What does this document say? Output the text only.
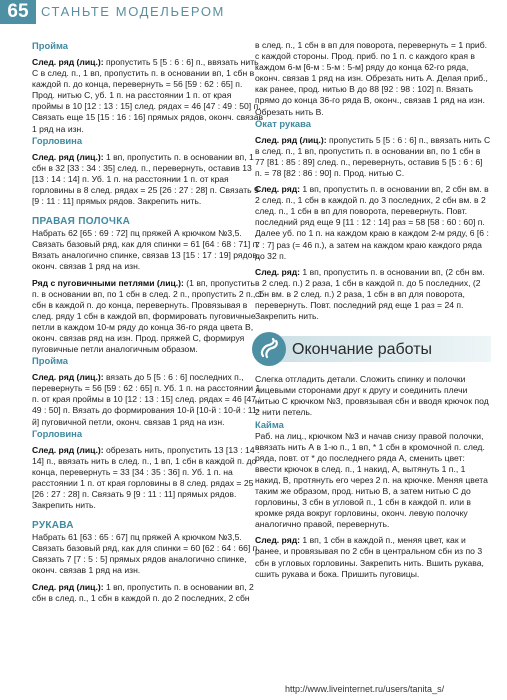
65 СТАНЬТЕ МОДЕЛЬЕРОМ

Пройма

След. ряд (лиц.): пропустить 5 [5 : 6 : 6] п., ввязать нить С в след. п., 1 вп, пропустить п. в основании вп, 1 сбн в каждой п. до конца, перевернуть = 56 [59 : 62 : 65] п. Прод. нитью С, уб. 1 п. на расстоянии 1 п. от края проймы в 10 [12 : 13 : 15] след. рядах = 46 [47 : 49 : 50] п. Связать еще 15 [15 : 16 : 16] прямых рядов, оконч. связав 1 ряд на изн.

Горловина

След. ряд (лиц.): 1 вп, пропустить п. в основании вп, 1 сбн в 32 [33 : 34 : 35] след. п., перевернуть, оставив 13 [13 : 14 : 14] п. Уб. 1 п. на расстоянии 1 п. от края горловины в 8 след. рядах = 25 [26 : 27 : 28] п. Связать 9 [9 : 11 : 11] прямых рядов. Закрепить нить.

ПРАВАЯ ПОЛОЧКА

Набрать 62 [65 : 69 : 72] пц пряжей А крючком №3,5. Связать базовый ряд, как для спинки = 61 [64 : 68 : 71] п. Вязать аналогично спинке, связав 13 [15 : 17 : 19] рядов, оконч. связав 1 ряд на изн.

Ряд с пуговичными петлями (лиц.): (1 вп, пропустить п. в основании вп, по 1 сбн в след. 2 п., пропустить 2 п., 1 сбн в каждой п. до конца, перевернуть. Провязывая в след. ряду 1 сбн в каждой вп, формировать пуговичные петли в каждом 10-м ряду до конца 36-го ряда цвета В, оконч. связав ряд на изн. Прод. пряжей С, формируя пуговичные петли аналогичным образом.

Пройма

След. ряд (лиц.): вязать до 5 [5 : 6 : 6] последних п., перевернуть = 56 [59 : 62 : 65] п. Уб. 1 п. на расстоянии 1 п. от края проймы в 10 [12 : 13 : 15] след. рядах = 46 [47 : 49 : 50] п. Вязать до формирования 10-й [10-й : 10-й : 11-й] пуговичной петли, оконч. связав 1 ряд на изн.

Горловина

След. ряд (лиц.): обрезать нить, пропустить 13 [13 : 14 : 14] п., ввязать нить в след. п., 1 вп, 1 сбн в каждой п. до конца, перевернуть = 33 [34 : 35 : 36] п. Уб. 1 п. на расстоянии 1 п. от края горловины в 8 след. рядах = 25 [26 : 27 : 28] п. Связать 9 [9 : 11 : 11] прямых рядов. Закрепить нить.

РУКАВА

Набрать 61 [63 : 65 : 67] пц пряжей А крючком №3,5. Связать базовый ряд, как для спинки = 60 [62 : 64 : 66] п. Связать 7 [7 : 5 : 5] прямых рядов аналогично спинке, оконч. связав 1 ряд на изн.

След. ряд (лиц.): 1 вп, пропустить п. в основании вп, 2 сбн в след. п., 1 сбн в каждой п. до 2 последних, 2 сбн

в след. п., 1 сбн в вп для поворота, перевернуть = 1 приб. с каждой стороны. Прод. приб. по 1 п. с каждого края в каждом 6-м [6-м : 5-м : 5-м] ряду до конца 62-го ряда, оконч. связав 1 ряд на изн. Обрезать нить А. Делая приб., как ранее, прод. нитью В до 88 [92 : 98 : 102] п. Вязать прямо до конца 36-го ряда В, оконч., связав 1 ряд на изн. Обрезать нить В.

Окат рукава

След. ряд (лиц.): пропустить 5 [5 : 6 : 6] п., ввязать нить С в след. п., 1 вп, пропустить п. в основании вп, по 1 сбн в 77 [81 : 85 : 89] след. п., перевернуть, оставив 5 [5 : 6 : 6] п. = 78 [82 : 86 : 90] п. Прод. нитью С.

След. ряд: 1 вп, пропустить п. в основании вп, 2 сбн вм. в 2 след. п., 1 сбн в каждой п. до 3 последних, 2 сбн вм. в 2 след. п., 1 сбн в вп для поворота, перевернуть. Повт. последний ряд еще 9 [11 : 12 : 14] раз = 58 [58 : 60 : 60] п. Далее уб. по 1 п. на каждом краю в каждом 2-м ряду, 6 [6 : 7 : 7] раз (= 46 п.), а затем на каждом краю каждого ряда до 32 п.

След. ряд: 1 вп, пропустить п. в основании вп, (2 сбн вм. в 2 след. п.) 2 раза, 1 сбн в каждой п. до 5 последних, (2 сбн вм. в 2 след. п.) 2 раза, 1 сбн в вп для поворота, перевернуть. Повт. последний ряд еще 1 раз = 24 п. Закрепить нить.

Окончание работы

Слегка отгладить детали. Сложить спинку и полочки лицевыми сторонами друг к другу и соединить плечи нитью С крючком №3, провязывая сбн и вводя крючок под 2 нити петель.

Кайма

Раб. на лиц., крючком №3 и начав снизу правой полочки, ввязать нить А в 1-ю п., 1 вп, * 1 сбн в кромочной п. след. ряда, повт. от * до последнего ряда А, сменить цвет: ввести крючок в след. п., 1 накид, А, вытянуть 1 п., 1 накид, В, протянуть его через 2 п. на крючке. Меняя цвета таким же образом, прод. нитью В, а затем нитью С до горловины, 3 сбн в угловой п., 1 сбн в каждой п. или в кромке ряда вокруг горловины, оконч. левую полочку аналогично правой, перевернуть.

След. ряд: 1 вп, 1 сбн в каждой п., меняя цвет, как и ранее, и провязывая по 2 сбн в центральном сбн из по 3 сбн в угловых горловины. Закрепить нить. Вшить рукава, сшить рукава и бока. Пришить пуговицы.

http://www.liveinternet.ru/users/tanita_s/
